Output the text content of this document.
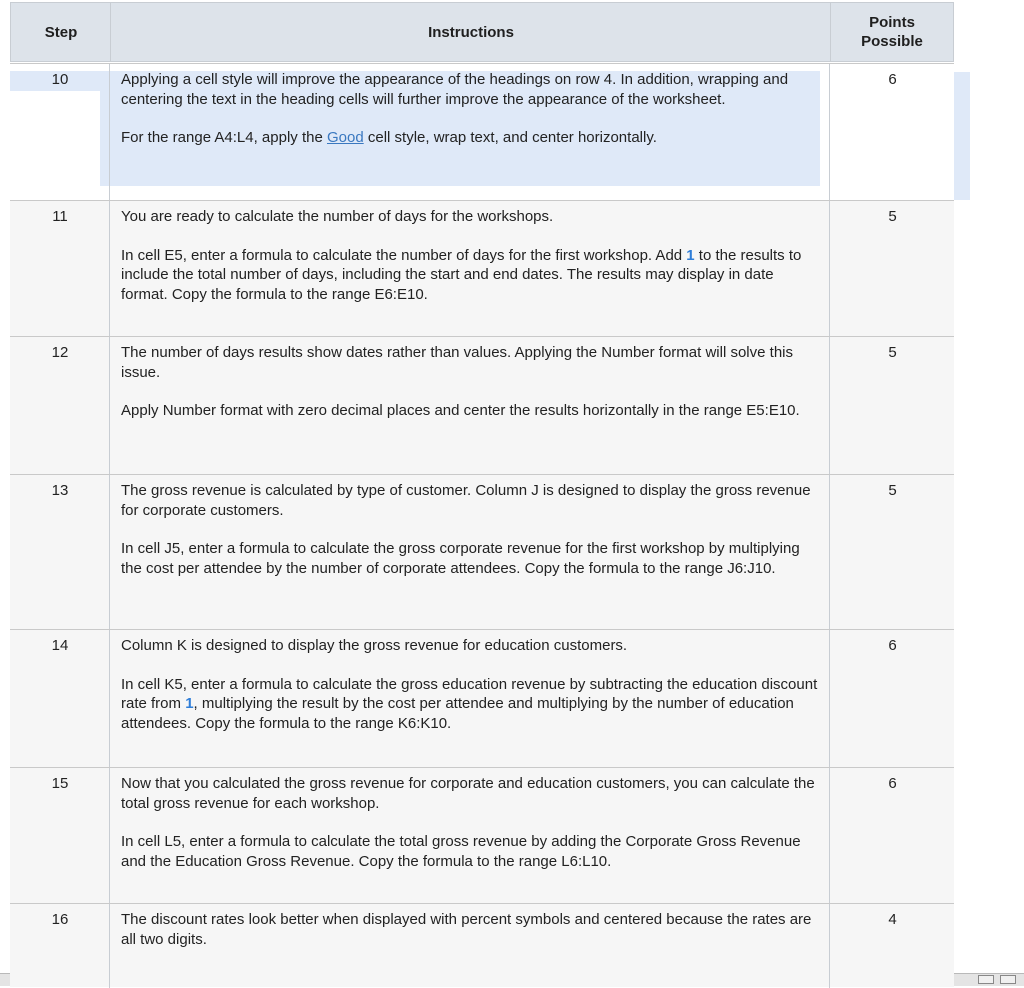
Step	Instructions
Points Possible
10	Applying a cell style will improve the appearance of the headings on row 4. In addition, wrapping and centering the text in the heading cells will further improve the appearance of the worksheet.

For the range A4:L4, apply the Good cell style, wrap text, and center horizontally.

6
11	You are ready to calculate the number of days for the workshops.

In cell E5, enter a formula to calculate the number of days for the first workshop. Add 1 to the results to include the total number of days, including the start and end dates. The results may display in date format. Copy the formula to the range E6:E10.

5
12	The number of days results show dates rather than values. Applying the Number format will solve this issue.

Apply Number format with zero decimal places and center the results horizontally in the range E5:E10.

5
13	The gross revenue is calculated by type of customer. Column J is designed to display the gross revenue for corporate customers.

In cell J5, enter a formula to calculate the gross corporate revenue for the first workshop by multiplying the cost per attendee by the number of corporate attendees. Copy the formula to the range J6:J10.

5
14	Column K is designed to display the gross revenue for education customers.

In cell K5, enter a formula to calculate the gross education revenue by subtracting the education discount rate from 1, multiplying the result by the cost per attendee and multiplying by the number of education attendees. Copy the formula to the range K6:K10.

6
15	Now that you calculated the gross revenue for corporate and education customers, you can calculate the total gross revenue for each workshop.

In cell L5, enter a formula to calculate the total gross revenue by adding the Corporate Gross Revenue and the Education Gross Revenue. Copy the formula to the range L6:L10.

6
16	The discount rates look better when displayed with percent symbols and centered because the rates are all two digits.

4
